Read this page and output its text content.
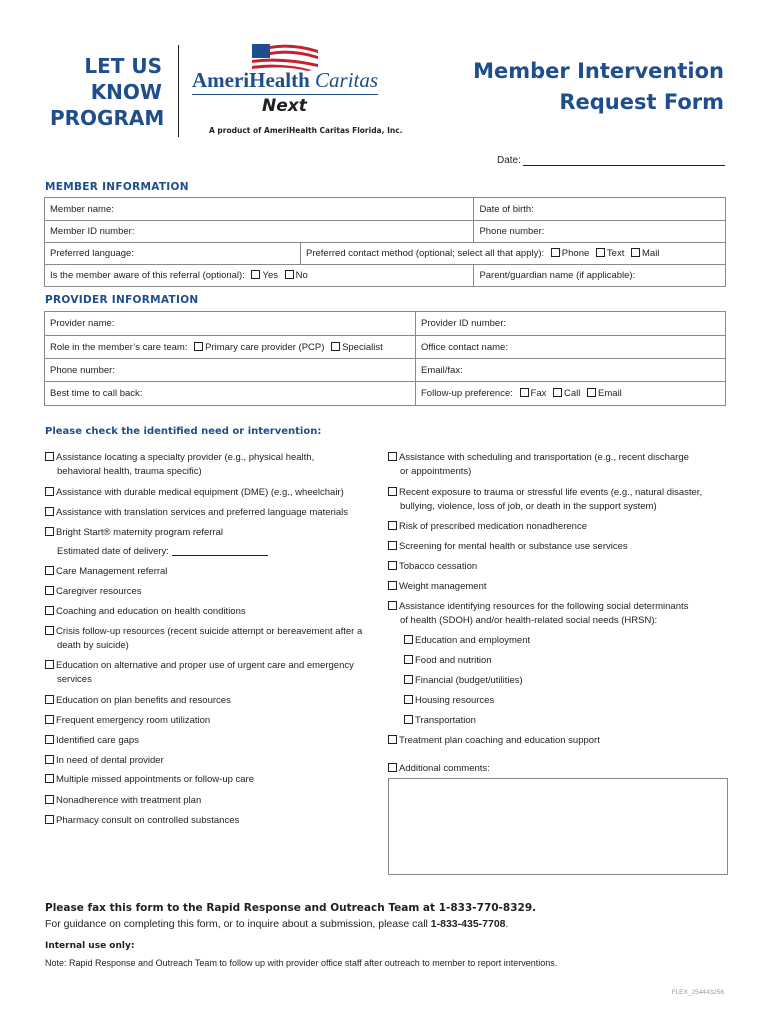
LET US
KNOW
PROGRAM
AmeriHealth Caritas
Next
A product of AmeriHealth Caritas Florida, Inc.
Member Intervention
Request Form
Date:
MEMBER INFORMATION
Member name:		Date of birth:
Member ID number:		Phone number:
Preferred language:	Preferred contact method (optional; select all that apply): Phone Text Mail	
Is the member aware of this referral (optional): Yes No		Parent/guardian name (if applicable):
PROVIDER INFORMATION
Provider name:	Provider ID number:
Role in the member’s care team: Primary care provider (PCP) Specialist	Office contact name:
Phone number:	Email/fax:
Best time to call back:	Follow-up preference: Fax Call Email
Please check the identified need or intervention:
Assistance locating a specialty provider (e.g., physical health,
behavioral health, trauma specific)
Assistance with durable medical equipment (DME) (e.g., wheelchair)
Assistance with translation services and preferred language materials
Bright Start® maternity program referral
Estimated date of delivery:
Care Management referral
Caregiver resources
Coaching and education on health conditions
Crisis follow-up resources (recent suicide attempt or bereavement after a
death by suicide)
Education on alternative and proper use of urgent care and emergency
services
Education on plan benefits and resources
Frequent emergency room utilization
Identified care gaps
In need of dental provider
Multiple missed appointments or follow-up care
Nonadherence with treatment plan
Pharmacy consult on controlled substances
Assistance with scheduling and transportation (e.g., recent discharge
or appointments)
Recent exposure to trauma or stressful life events (e.g., natural disaster,
bullying, violence, loss of job, or death in the support system)
Risk of prescribed medication nonadherence
Screening for mental health or substance use services
Tobacco cessation
Weight management
Assistance identifying resources for the following social determinants
of health (SDOH) and/or health-related social needs (HRSN):
Education and employment
Food and nutrition
Financial (budget/utilities)
Housing resources
Transportation
Treatment plan coaching and education support
Additional comments:
Please fax this form to the Rapid Response and Outreach Team at 1-833-770-8329.
For guidance on completing this form, or to inquire about a submission, please call 1-833-435-7708.
Internal use only:
Note: Rapid Response and Outreach Team to follow up with provider office staff after outreach to member to report interventions.
FLEX_254443256
